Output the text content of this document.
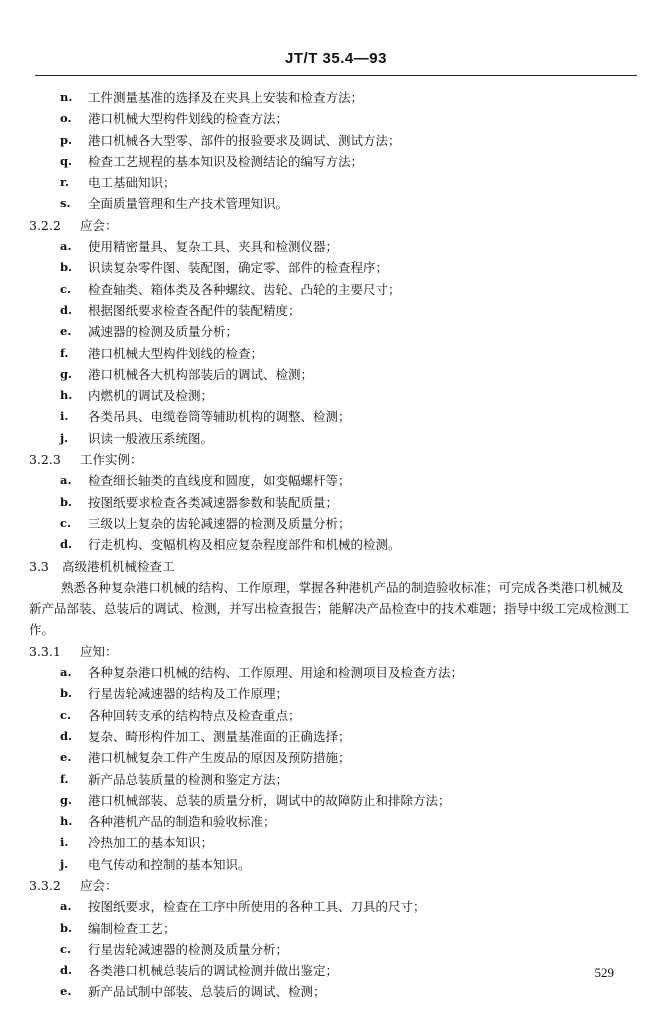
JT/T 35.4—93
n. 工件测量基准的选择及在夹具上安装和检查方法；
o. 港口机械大型构件划线的检查方法；
p. 港口机械各大型零、部件的报验要求及调试、测试方法；
q. 检查工艺规程的基本知识及检测结论的编写方法；
r. 电工基础知识；
s. 全面质量管理和生产技术管理知识。
3.2.2 应会：
a. 使用精密量具、复杂工具、夹具和检测仪器；
b. 识读复杂零件图、装配图，确定零、部件的检查程序；
c. 检查轴类、箱体类及各种螺纹、齿轮、凸轮的主要尺寸；
d. 根据图纸要求检查各配件的装配精度；
e. 减速器的检测及质量分析；
f. 港口机械大型构件划线的检查；
g. 港口机械各大机构部装后的调试、检测；
h. 内燃机的调试及检测；
i. 各类吊具、电缆卷筒等辅助机构的调整、检测；
j. 识读一般液压系统图。
3.2.3 工作实例：
a. 检查细长轴类的直线度和圆度，如变幅螺杆等；
b. 按图纸要求检查各类减速器参数和装配质量；
c. 三级以上复杂的齿轮减速器的检测及质量分析；
d. 行走机构、变幅机构及相应复杂程度部件和机械的检测。
3.3 高级港机机械检查工
熟悉各种复杂港口机械的结构、工作原理，掌握各种港机产品的制造验收标准；可完成各类港口机械及新产品部装、总装后的调试、检测，并写出检查报告；能解决产品检查中的技术难题；指导中级工完成检测工作。
3.3.1 应知：
a. 各种复杂港口机械的结构、工作原理、用途和检测项目及检查方法；
b. 行星齿轮减速器的结构及工作原理；
c. 各种回转支承的结构特点及检查重点；
d. 复杂、畸形构件加工、测量基准面的正确选择；
e. 港口机械复杂工件产生废品的原因及预防措施；
f. 新产品总装质量的检测和鉴定方法；
g. 港口机械部装、总装的质量分析，调试中的故障防止和排除方法；
h. 各种港机产品的制造和验收标准；
i. 冷热加工的基本知识；
j. 电气传动和控制的基本知识。
3.3.2 应会：
a. 按图纸要求，检查在工序中所使用的各种工具、刀具的尺寸；
b. 编制检查工艺；
c. 行星齿轮减速器的检测及质量分析；
d. 各类港口机械总装后的调试检测并做出鉴定；
e. 新产品试制中部装、总装后的调试、检测；
529
